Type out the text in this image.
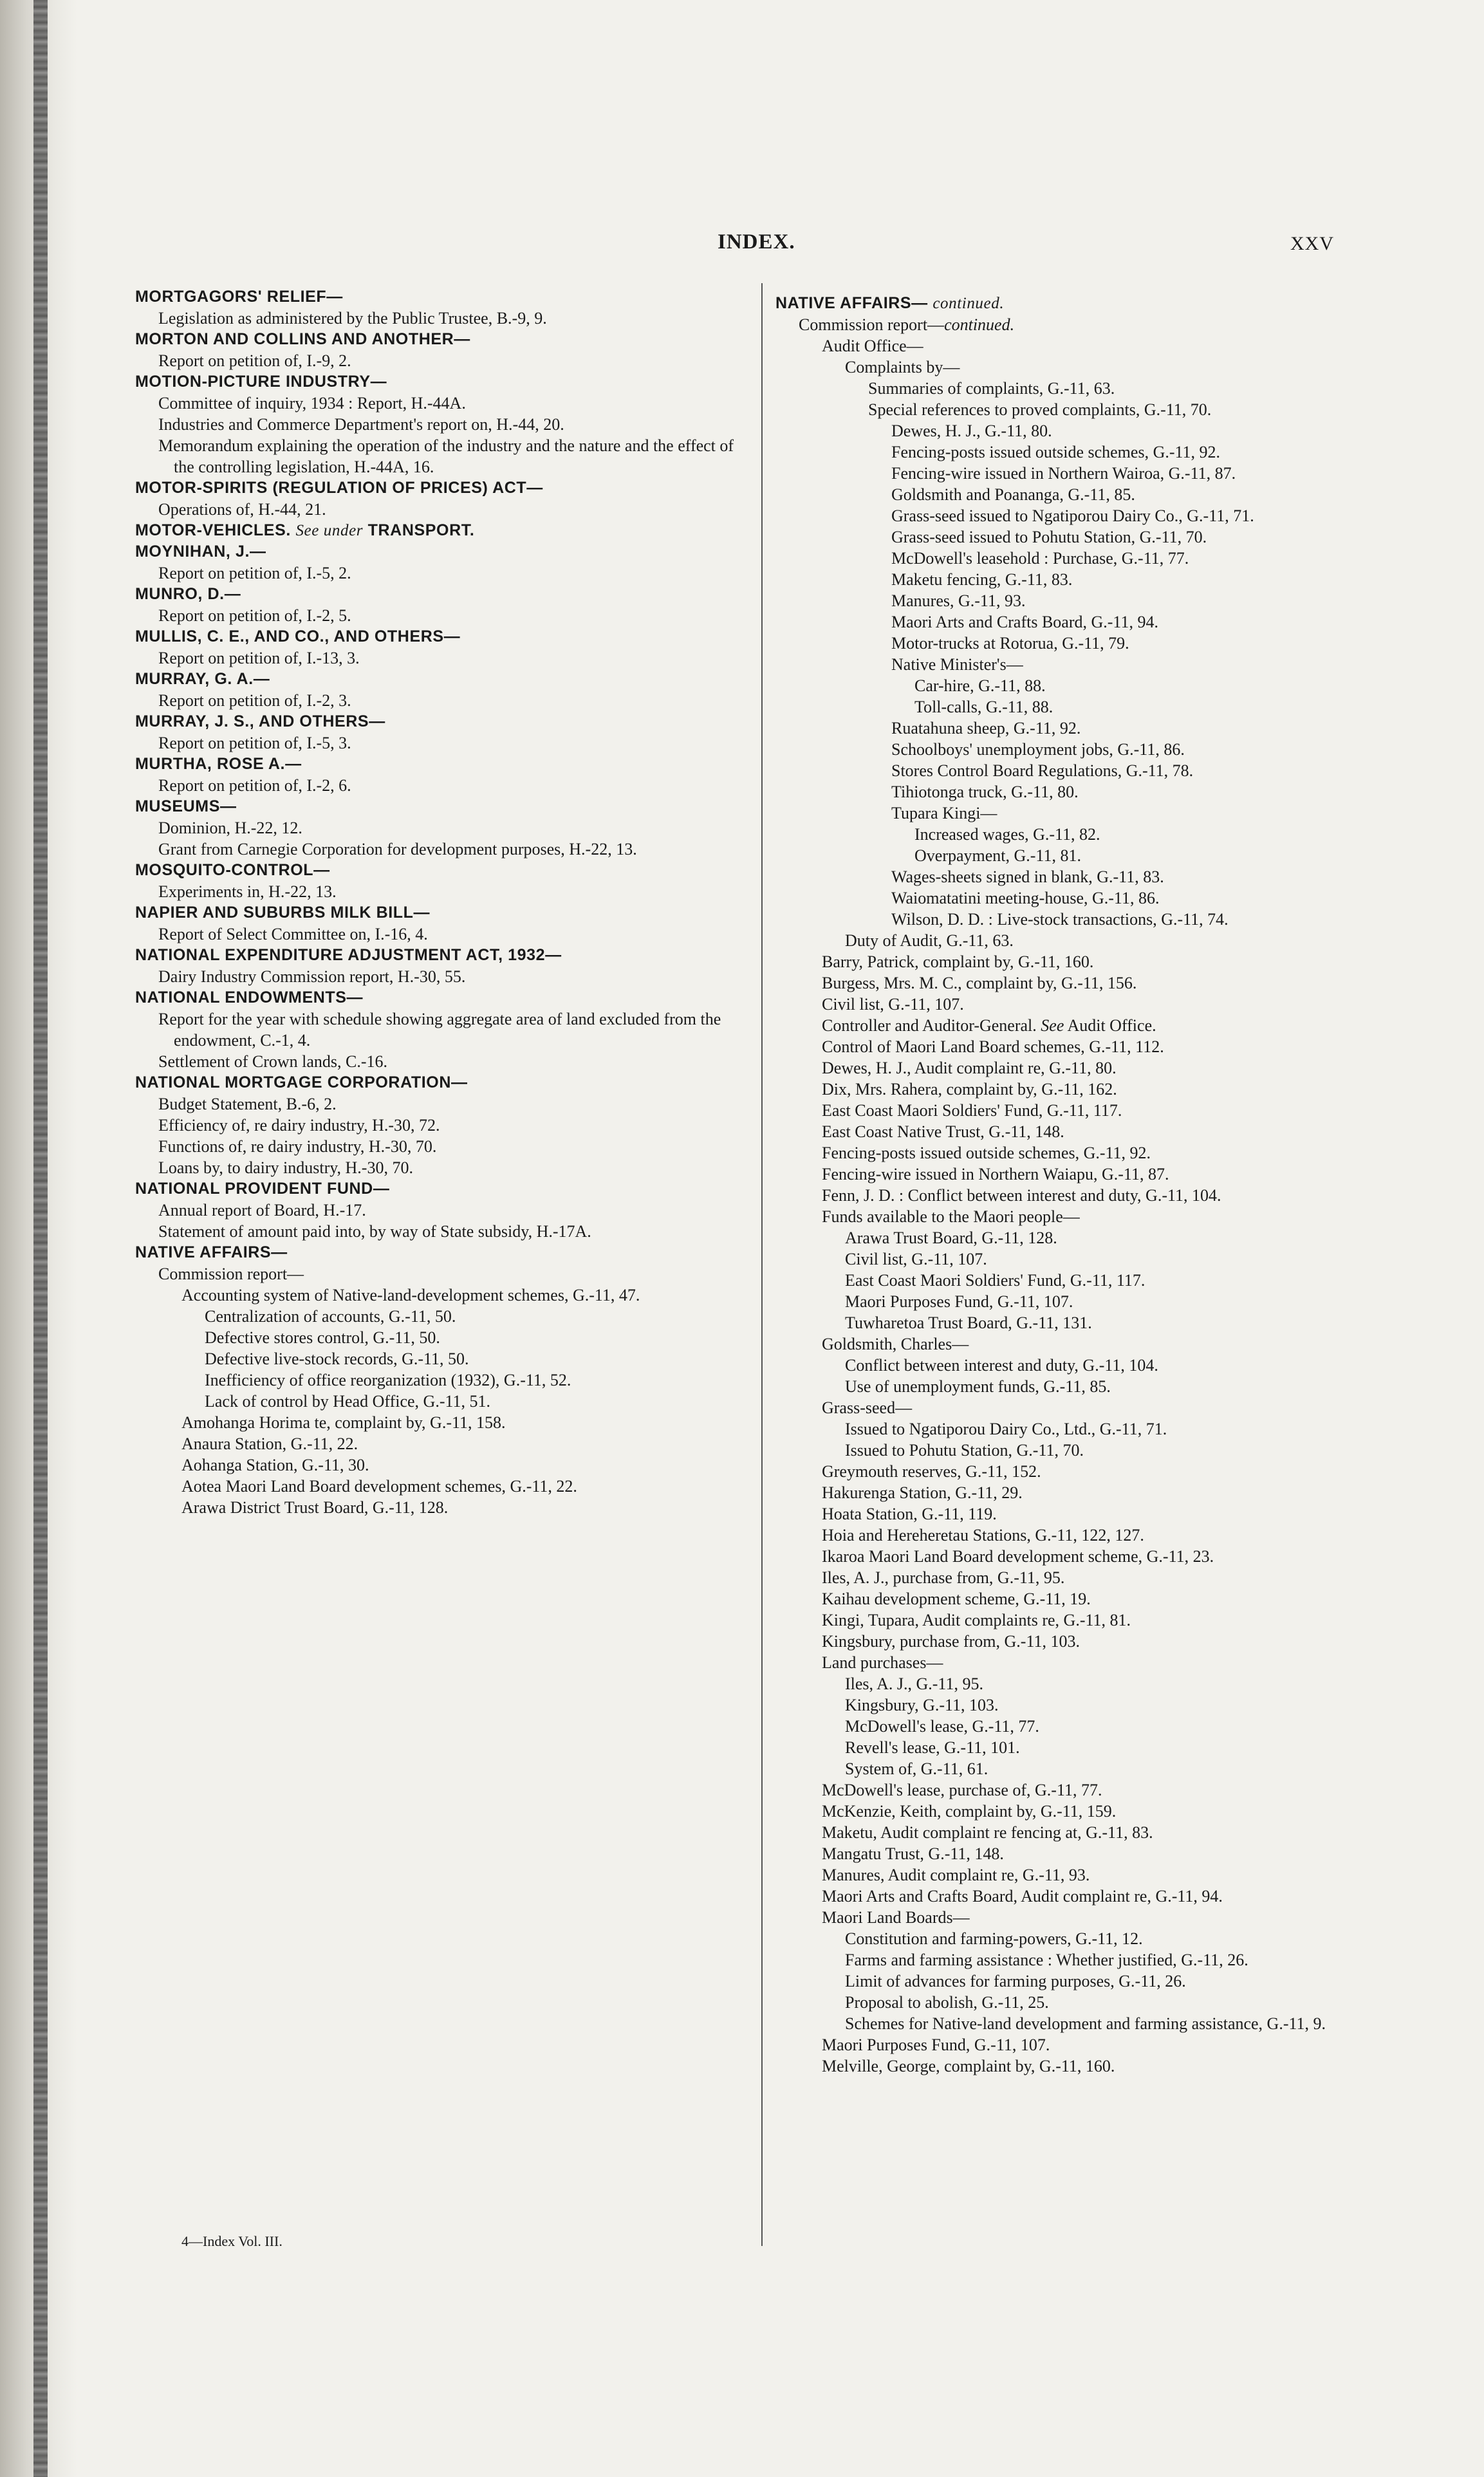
INDEX.	XXV
MORTGAGORS' RELIEF—
Legislation as administered by the Public Trustee, B.-9, 9.
MORTON AND COLLINS AND ANOTHER—
Report on petition of, I.-9, 2.
MOTION-PICTURE INDUSTRY—
Committee of inquiry, 1934 : Report, H.-44A.
Industries and Commerce Department's report on, H.-44, 20.
Memorandum explaining the operation of the industry and the nature and the effect of the controlling legislation, H.-44A, 16.
MOTOR-SPIRITS (REGULATION OF PRICES) ACT—
Operations of, H.-44, 21.
MOTOR-VEHICLES. See under TRANSPORT.
MOYNIHAN, J.—
Report on petition of, I.-5, 2.
MUNRO, D.—
Report on petition of, I.-2, 5.
MULLIS, C. E., AND CO., AND OTHERS—
Report on petition of, I.-13, 3.
MURRAY, G. A.—
Report on petition of, I.-2, 3.
MURRAY, J. S., AND OTHERS—
Report on petition of, I.-5, 3.
MURTHA, ROSE A.—
Report on petition of, I.-2, 6.
MUSEUMS—
Dominion, H.-22, 12.
Grant from Carnegie Corporation for development purposes, H.-22, 13.
MOSQUITO-CONTROL—
Experiments in, H.-22, 13.
NAPIER AND SUBURBS MILK BILL—
Report of Select Committee on, I.-16, 4.
NATIONAL EXPENDITURE ADJUSTMENT ACT, 1932—
Dairy Industry Commission report, H.-30, 55.
NATIONAL ENDOWMENTS—
Report for the year with schedule showing aggregate area of land excluded from the endowment, C.-1, 4.
Settlement of Crown lands, C.-16.
NATIONAL MORTGAGE CORPORATION—
Budget Statement, B.-6, 2.
Efficiency of, re dairy industry, H.-30, 72.
Functions of, re dairy industry, H.-30, 70.
Loans by, to dairy industry, H.-30, 70.
NATIONAL PROVIDENT FUND—
Annual report of Board, H.-17.
Statement of amount paid into, by way of State subsidy, H.-17A.
NATIVE AFFAIRS—
Commission report—
Accounting system of Native-land-development schemes, G.-11, 47.
Centralization of accounts, G.-11, 50.
Defective stores control, G.-11, 50.
Defective live-stock records, G.-11, 50.
Inefficiency of office reorganization (1932), G.-11, 52.
Lack of control by Head Office, G.-11, 51.
Amohanga Horima te, complaint by, G.-11, 158.
Anaura Station, G.-11, 22.
Aohanga Station, G.-11, 30.
Aotea Maori Land Board development schemes, G.-11, 22.
Arawa District Trust Board, G.-11, 128.
NATIVE AFFAIRS— continued.
Commission report—continued.
Audit Office—
Complaints by—
Summaries of complaints, G.-11, 63.
Special references to proved complaints, G.-11, 70.
Dewes, H. J., G.-11, 80.
Fencing-posts issued outside schemes, G.-11, 92.
Fencing-wire issued in Northern Wairoa, G.-11, 87.
Goldsmith and Poananga, G.-11, 85.
Grass-seed issued to Ngatiporou Dairy Co., G.-11, 71.
Grass-seed issued to Pohutu Station, G.-11, 70.
McDowell's leasehold : Purchase, G.-11, 77.
Maketu fencing, G.-11, 83.
Manures, G.-11, 93.
Maori Arts and Crafts Board, G.-11, 94.
Motor-trucks at Rotorua, G.-11, 79.
Native Minister's—
Car-hire, G.-11, 88.
Toll-calls, G.-11, 88.
Ruatahuna sheep, G.-11, 92.
Schoolboys' unemployment jobs, G.-11, 86.
Stores Control Board Regulations, G.-11, 78.
Tihiotonga truck, G.-11, 80.
Tupara Kingi—
Increased wages, G.-11, 82.
Overpayment, G.-11, 81.
Wages-sheets signed in blank, G.-11, 83.
Waiomatatini meeting-house, G.-11, 86.
Wilson, D. D. : Live-stock transactions, G.-11, 74.
Duty of Audit, G.-11, 63.
Barry, Patrick, complaint by, G.-11, 160.
Burgess, Mrs. M. C., complaint by, G.-11, 156.
Civil list, G.-11, 107.
Controller and Auditor-General. See Audit Office.
Control of Maori Land Board schemes, G.-11, 112.
Dewes, H. J., Audit complaint re, G.-11, 80.
Dix, Mrs. Rahera, complaint by, G.-11, 162.
East Coast Maori Soldiers' Fund, G.-11, 117.
East Coast Native Trust, G.-11, 148.
Fencing-posts issued outside schemes, G.-11, 92.
Fencing-wire issued in Northern Waiapu, G.-11, 87.
Fenn, J. D. : Conflict between interest and duty, G.-11, 104.
Funds available to the Maori people—
Arawa Trust Board, G.-11, 128.
Civil list, G.-11, 107.
East Coast Maori Soldiers' Fund, G.-11, 117.
Maori Purposes Fund, G.-11, 107.
Tuwharetoa Trust Board, G.-11, 131.
Goldsmith, Charles—
Conflict between interest and duty, G.-11, 104.
Use of unemployment funds, G.-11, 85.
Grass-seed—
Issued to Ngatiporou Dairy Co., Ltd., G.-11, 71.
Issued to Pohutu Station, G.-11, 70.
Greymouth reserves, G.-11, 152.
Hakurenga Station, G.-11, 29.
Hoata Station, G.-11, 119.
Hoia and Hereheretau Stations, G.-11, 122, 127.
Ikaroa Maori Land Board development scheme, G.-11, 23.
Iles, A. J., purchase from, G.-11, 95.
Kaihau development scheme, G.-11, 19.
Kingi, Tupara, Audit complaints re, G.-11, 81.
Kingsbury, purchase from, G.-11, 103.
Land purchases—
Iles, A. J., G.-11, 95.
Kingsbury, G.-11, 103.
McDowell's lease, G.-11, 77.
Revell's lease, G.-11, 101.
System of, G.-11, 61.
McDowell's lease, purchase of, G.-11, 77.
McKenzie, Keith, complaint by, G.-11, 159.
Maketu, Audit complaint re fencing at, G.-11, 83.
Mangatu Trust, G.-11, 148.
Manures, Audit complaint re, G.-11, 93.
Maori Arts and Crafts Board, Audit complaint re, G.-11, 94.
Maori Land Boards—
Constitution and farming-powers, G.-11, 12.
Farms and farming assistance : Whether justified, G.-11, 26.
Limit of advances for farming purposes, G.-11, 26.
Proposal to abolish, G.-11, 25.
Schemes for Native-land development and farming assistance, G.-11, 9.
Maori Purposes Fund, G.-11, 107.
Melville, George, complaint by, G.-11, 160.
4—Index Vol. III.
